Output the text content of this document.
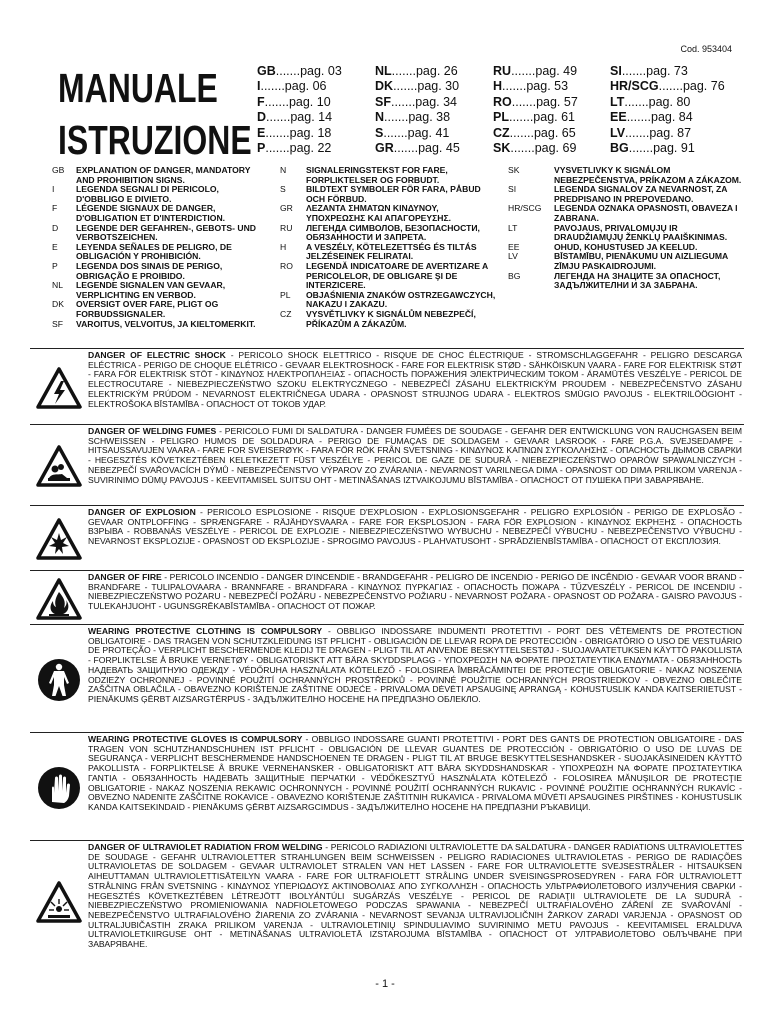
Cod. 953404
MANUALE
ISTRUZIONE
GB.......pag. 03
I.......pag. 06
F.......pag. 10
D.......pag. 14
E.......pag. 18
P.......pag. 22
NL.......pag. 26
DK.......pag. 30
SF.......pag. 34
N.......pag. 38
S.......pag. 41
GR.......pag. 45
RU.......pag. 49
H.......pag. 53
RO.......pag. 57
PL.......pag. 61
CZ.......pag. 65
SK.......pag. 69
SI.......pag. 73
HR/SCG.......pag. 76
LT.......pag. 80
EE.......pag. 84
LV.......pag. 87
BG.......pag. 91
GB	EXPLANATION OF DANGER, MANDATORY AND PROHIBITION SIGNS.
I	LEGENDA SEGNALI DI PERICOLO, D'OBBLIGO E DIVIETO.
F	LÉGENDE SIGNAUX DE DANGER, D'OBLIGATION ET D'INTERDICTION.
D	LEGENDE DER GEFAHREN-, GEBOTS- UND VERBOTSZEICHEN.
E	LEYENDA SEÑALES DE PELIGRO, DE OBLIGACIÓN Y PROHIBICIÓN.
P	LEGENDA DOS SINAIS DE PERIGO, OBRIGAÇÃO E PROIBIDO.
NL	LEGENDE SIGNALEN VAN GEVAAR, VERPLICHTING EN VERBOD.
DK	OVERSIGT OVER FARE, PLIGT OG FORBUDSSIGNALER.
SF	VAROITUS, VELVOITUS, JA KIELTOMERKIT.
N	SIGNALERINGSTEKST FOR FARE, FORPLIKTELSER OG FORBUDT.
S	BILDTEXT SYMBOLER FÖR FARA, PÅBUD OCH FÖRBUD.
GR	ΛΕΖΑΝΤΑ ΣΗΜΑΤΩΝ ΚΙΝΔΥΝΟΥ, ΥΠΟΧΡΕΩΣΗΣ ΚΑΙ ΑΠΑΓΟΡΕΥΣΗΣ.
RU	ЛЕГЕНДА СИМВОЛОВ, БЕЗОПАСНОСТИ, ОБЯЗАННОСТИ И ЗАПРЕТА.
H	A VESZÉLY, KÖTELEZETTSÉG ÉS TILTÁS JELZÉSEINEK FELIRATAI.
RO	LEGENDĂ INDICATOARE DE AVERTIZARE A PERICOLELOR, DE OBLIGARE ŞI DE INTERZICERE.
PL	OBJAŚNIENIA ZNAKÓW OSTRZEGAWCZYCH, NAKAZU I ZAKAZU.
CZ	VYSVĚTLIVKY K SIGNÁLŮM NEBEZPEČÍ, PŘÍKAZŮM A ZÁKAZŮM.
SK	VYSVETLIVKY K SIGNÁLOM NEBEZPEČENSTVA, PRÍKAZOM A ZÁKAZOM.
SI	LEGENDA SIGNALOV ZA NEVARNOST, ZA PREDPISANO IN PREPOVEDANO.
HR/SCG	LEGENDA OZNAKA OPASNOSTI, OBAVEZA I ZABRANA.
LT	PAVOJAUS, PRIVALOMŲJŲ IR DRAUDŽIAMŲJŲ ŽENKLŲ PAAIŠKINIMAS.
EE	OHUD, KOHUSTUSED JA KEELUD.
LV	BĪSTAMĪBU, PIENĀKUMU UN AIZLIEGUMA ZĪMJU PASKAIDROJUMI.
BG	ЛЕГЕНДА НА ЗНАЦИТЕ ЗА ОПАСНОСТ, ЗАДЪЛЖИТЕЛНИ И ЗА ЗАБРАНА.
DANGER OF ELECTRIC SHOCK - PERICOLO SHOCK ELETTRICO - RISQUE DE CHOC ÉLECTRIQUE - STROMSCHLAGGEFAHR - PELIGRO DESCARGA ELÉCTRICA - PERIGO DE CHOQUE ELÉTRICO - GEVAAR ELEKTROSHOCK - FARE FOR ELEKTRISK STØD - SÄHKÖISKUN VAARA - FARE FOR ELEKTRISK STØT - FARA FÖR ELEKTRISK STÖT - ΚΙΝΔΥΝΟΣ ΗΛΕΚΤΡΟΠΛΗΞΙΑΣ - ОПАСНОСТЬ ПОРАЖЕНИЯ ЭЛЕКТРИЧЕСКИМ ТОКОМ - ÁRAMÜTÉS VESZÉLYE - PERICOL DE ELECTROCUTARE - NIEBEZPIECZEŃSTWO SZOKU ELEKTRYCZNEGO - NEBEZPEČÍ ZÁSAHU ELEKTRICKÝM PROUDEM - NEBEZPEČENSTVO ZÁSAHU ELEKTRICKÝM PRÚDOM - NEVARNOST ELEKTRIČNEGA UDARA - OPASNOST STRUJNOG UDARA - ELEKTROS SMŪGIO PAVOJUS - ELEKTRILÖÖGIOHT - ELEKTROŠOKA BĪSTAMĪBA - ОПАСНОСТ ОТ ТОКОВ УДАР.
DANGER OF WELDING FUMES - PERICOLO FUMI DI SALDATURA - DANGER FUMÉES DE SOUDAGE - GEFAHR DER ENTWICKLUNG VON RAUCHGASEN BEIM SCHWEISSEN - PELIGRO HUMOS DE SOLDADURA - PERIGO DE FUMAÇAS DE SOLDAGEM - GEVAAR LASROOK - FARE P.G.A. SVEJSEDAMPE - HITSAUSSAVUJEN VAARA - FARE FOR SVEISERØYK - FARA FÖR RÖK FRÅN SVETSNING - ΚΙΝΔΥΝΟΣ ΚΑΠΝΩΝ ΣΥΓΚΟΛΛΗΣΗΣ - ОПАСНОСТЬ ДЫМОВ СВАРКИ - HEGESZTÉS KÖVETKEZTÉBEN KELETKEZETT FÜST VESZÉLYE - PERICOL DE GAZE DE SUDURĂ - NIEBEZPIECZEŃSTWO OPARÓW SPAWALNICZYCH - NEBEZPEČÍ SVAŘOVACÍCH DÝMŮ - NEBEZPEČENSTVO VÝPAROV ZO ZVÁRANIA - NEVARNOST VARILNEGA DIMA - OPASNOST OD DIMA PRILIKOM VARENJA - SUVIRINIMO DŪMŲ PAVOJUS - KEEVITAMISEL SUITSU OHT - METINĀŠANAS IZTVAIKOJUMU BĪSTAMĪBA - ОПАСНОСТ ОТ ПУШЕКА ПРИ ЗАВАРЯВАНЕ.
DANGER OF EXPLOSION - PERICOLO ESPLOSIONE - RISQUE D'EXPLOSION - EXPLOSIONSGEFAHR - PELIGRO EXPLOSIÓN - PERIGO DE EXPLOSÃO - GEVAAR ONTPLOFFING - SPRÆNGFARE - RÄJÄHDYSVAARA - FARE FOR EKSPLOSJON - FARA FÖR EXPLOSION - ΚΙΝΔΥΝΟΣ ΕΚΡΗΞΗΣ - ОПАСНОСТЬ ВЗРЫВА - ROBBANÁS VESZÉLYE - PERICOL DE EXPLOZIE - NIEBEZPIECZEŃSTWO WYBUCHU - NEBEZPEČÍ VÝBUCHU - NEBEZPEČENSTVO VÝBUCHU - NEVARNOST EKSPLOZIJE - OPASNOST OD EKSPLOZIJE - SPROGIMO PAVOJUS - PLAHVATUSOHT - SPRĀDZIENBĪSTAMĪBA - ОПАСНОСТ ОТ ЕКСПЛОЗИЯ.
DANGER OF FIRE - PERICOLO INCENDIO - DANGER D'INCENDIE - BRANDGEFAHR - PELIGRO DE INCENDIO - PERIGO DE INCÊNDIO - GEVAAR VOOR BRAND - BRANDFARE - TULIPALOVAARA - BRANNFARE - BRANDFARA - ΚΙΝΔΥΝΟΣ ΠΥΡΚΑΓΙΑΣ - ОПАСНОСТЬ ПОЖАРА - TŰZVESZÉLY - PERICOL DE INCENDIU - NIEBEZPIECZEŃSTWO POŻARU - NEBEZPEČÍ POŽÁRU - NEBEZPEČENSTVO POŽIARU - NEVARNOST POŽARA - OPASNOST OD POŽARA - GAISRO PAVOJUS - TULEKAHJUOHT - UGUNSGRĒKABĪSTAMĪBA - ОПАСНОСТ ОТ ПОЖАР.
WEARING PROTECTIVE CLOTHING IS COMPULSORY - OBBLIGO INDOSSARE INDUMENTI PROTETTIVI - PORT DES VÊTEMENTS DE PROTECTION OBLIGATOIRE - DAS TRAGEN VON SCHUTZKLEIDUNG IST PFLICHT - OBLIGACIÓN DE LLEVAR ROPA DE PROTECCIÓN - OBRIGATÓRIO O USO DE VESTUÁRIO DE PROTEÇÃO - VERPLICHT BESCHERMENDE KLEDIJ TE DRAGEN - PLIGT TIL AT ANVENDE BESKYTTELSESTØJ - SUOJAVAATETUKSEN KÄYTTÖ PAKOLLISTA - FORPLIKTELSE Å BRUKE VERNETØY - OBLIGATORISKT ATT BÄRA SKYDDSPLAGG - ΥΠΟΧΡΕΩΣΗ ΝΑ ΦΟΡΑΤΕ ΠΡΟΣΤΑΤΕΥΤΙΚΑ ΕΝΔΥΜΑΤΑ - ОБЯЗАННОСТЬ НАДЕВАТЬ ЗАЩИТНУЮ ОДЕЖДУ - VÉDŐRUHA HASZNÁLATA KÖTELEZŐ - FOLOSIREA ÎMBRĂCĂMINTEI DE PROTECŢIE OBLIGATORIE - NAKAZ NOSZENIA ODZIEŻY OCHRONNEJ - POVINNÉ POUŽITÍ OCHRANNÝCH PROSTŘEDKŮ - POVINNÉ POUŽITIE OCHRANNÝCH PROSTRIEDKOV - OBVEZNO OBLEČITE ZAŠČITNA OBLAČILA - OBAVEZNO KORIŠTENJE ZAŠTITNE ODJEĆE - PRIVALOMA DĖVĖTI APSAUGINĘ APRANGĄ - KOHUSTUSLIK KANDA KAITSERIIETUST - PIENĀKUMS ĢĒRBT AIZSARGTĒRPUS - ЗАДЪЛЖИТЕЛНО НОСЕНЕ НА ПРЕДПАЗНО ОБЛЕКЛО.
WEARING PROTECTIVE GLOVES IS COMPULSORY - OBBLIGO INDOSSARE GUANTI PROTETTIVI - PORT DES GANTS DE PROTECTION OBLIGATOIRE - DAS TRAGEN VON SCHUTZHANDSCHUHEN IST PFLICHT - OBLIGACIÓN DE LLEVAR GUANTES DE PROTECCIÓN - OBRIGATÓRIO O USO DE LUVAS DE SEGURANÇA - VERPLICHT BESCHERMENDE HANDSCHOENEN TE DRAGEN - PLIGT TIL AT BRUGE BESKYTTELSESHANDSKER - SUOJAKÄSINEIDEN KÄYTTÖ PAKOLLISTA - FORPLIKTELSE Å BRUKE VERNEHANSKER - OBLIGATORISKT ATT BÄRA SKYDDSHANDSKAR - ΥΠΟΧΡΕΩΣΗ ΝΑ ΦΟΡΑΤΕ ΠΡΟΣΤΑΤΕΥΤΙΚΑ ΓΑΝΤΙΑ - ОБЯЗАННОСТЬ НАДЕВАТЬ ЗАЩИТНЫЕ ПЕРЧАТКИ - VÉDŐKESZTYŰ HASZNÁLATA KÖTELEZŐ - FOLOSIREA MĂNUŞILOR DE PROTECŢIE OBLIGATORIE - NAKAZ NOSZENIA REKAWIC OCHRONNYCH - POVINNÉ POUŽITÍ OCHRANNÝCH RUKAVIC - POVINNÉ POUŽITIE OCHRANNÝCH RUKAVÍC - OBVEZNO NADENITE ZAŠČITNE ROKAVICE - OBAVEZNO KORIŠTENJE ZAŠTITNIH RUKAVICA - PRIVALOMA MŪVĖTI APSAUGINES PIRŠTINES - KOHUSTUSLIK KANDA KAITSEKINDAID - PIENĀKUMS ĢĒRBT AIZSARGCIMDUS - ЗАДЪЛЖИТЕЛНО НОСЕНЕ НА ПРЕДПАЗНИ РЪКАВИЦИ.
DANGER OF ULTRAVIOLET RADIATION FROM WELDING - PERICOLO RADIAZIONI ULTRAVIOLETTE DA SALDATURA - DANGER RADIATIONS ULTRAVIOLETTES DE SOUDAGE - GEFAHR ULTRAVIOLETTER STRAHLUNGEN BEIM SCHWEISSEN - PELIGRO RADIACIONES ULTRAVIOLETAS - PERIGO DE RADIAÇÕES ULTRAVIOLETAS DE SOLDAGEM - GEVAAR ULTRAVIOLET STRALEN VAN HET LASSEN - FARE FOR ULTRAVIOLETTE SVEJSESTRÅLER - HITSAUKSEN AIHEUTTAMAN ULTRAVIOLETTISÄTEILYN VAARA - FARE FOR ULTRAFIOLETT STRÅLING UNDER SVEISINGSPROSEDYREN - FARA FÖR ULTRAVIOLETT STRÅLNING FRÅN SVETSNING - ΚΙΝΔΥΝΟΣ ΥΠΕΡΙΩΔΟΥΣ ΑΚΤΙΝΟΒΟΛΙΑΣ ΑΠΟ ΣΥΓΚΟΛΛΗΣΗ - ОПАСНОСТЬ УЛЬТРАФИОЛЕТОВОГО ИЗЛУЧЕНИЯ СВАРКИ - HEGESZTÉS KÖVETKEZTÉBEN LÉTREJÖTT IBOLYÁNTÚLI SUGÁRZÁS VESZÉLYE - PERICOL DE RADIAŢII ULTRAVIOLETE DE LA SUDURĂ - NIEBEZPIECZEŃSTWO PROMIENIOWANIA NADFIOLETOWEGO PODCZAS SPAWANIA - NEBEZPEČÍ ULTRAFIALOVÉHO ZÁŘENÍ ZE SVAŘOVÁNÍ - NEBEZPEČENSTVO ULTRAFIALOVÉHO ŽIARENIA ZO ZVÁRANIA - NEVARNOST SEVANJA ULTRAVIJOLIČNIH ŽARKOV ZARADI VARJENJA - OPASNOST OD ULTRALJUBIČASTIH ZRAKA PRILIKOM VARENJA - ULTRAVIOLETINIŲ SPINDULIAVIMO SUVIRINIMO METU PAVOJUS - KEEVITAMISEL ERALDUVA ULTRAVIOLETKIIRGUSE OHT - METINĀŠANAS ULTRAVIOLETĀ IZSTAROJUMA BĪSTAMĪBA - ОПАСНОСТ ОТ УЛТРАВИОЛЕТОВО ОБЛЪЧВАНЕ ПРИ ЗАВАРЯВАНЕ.
- 1 -
